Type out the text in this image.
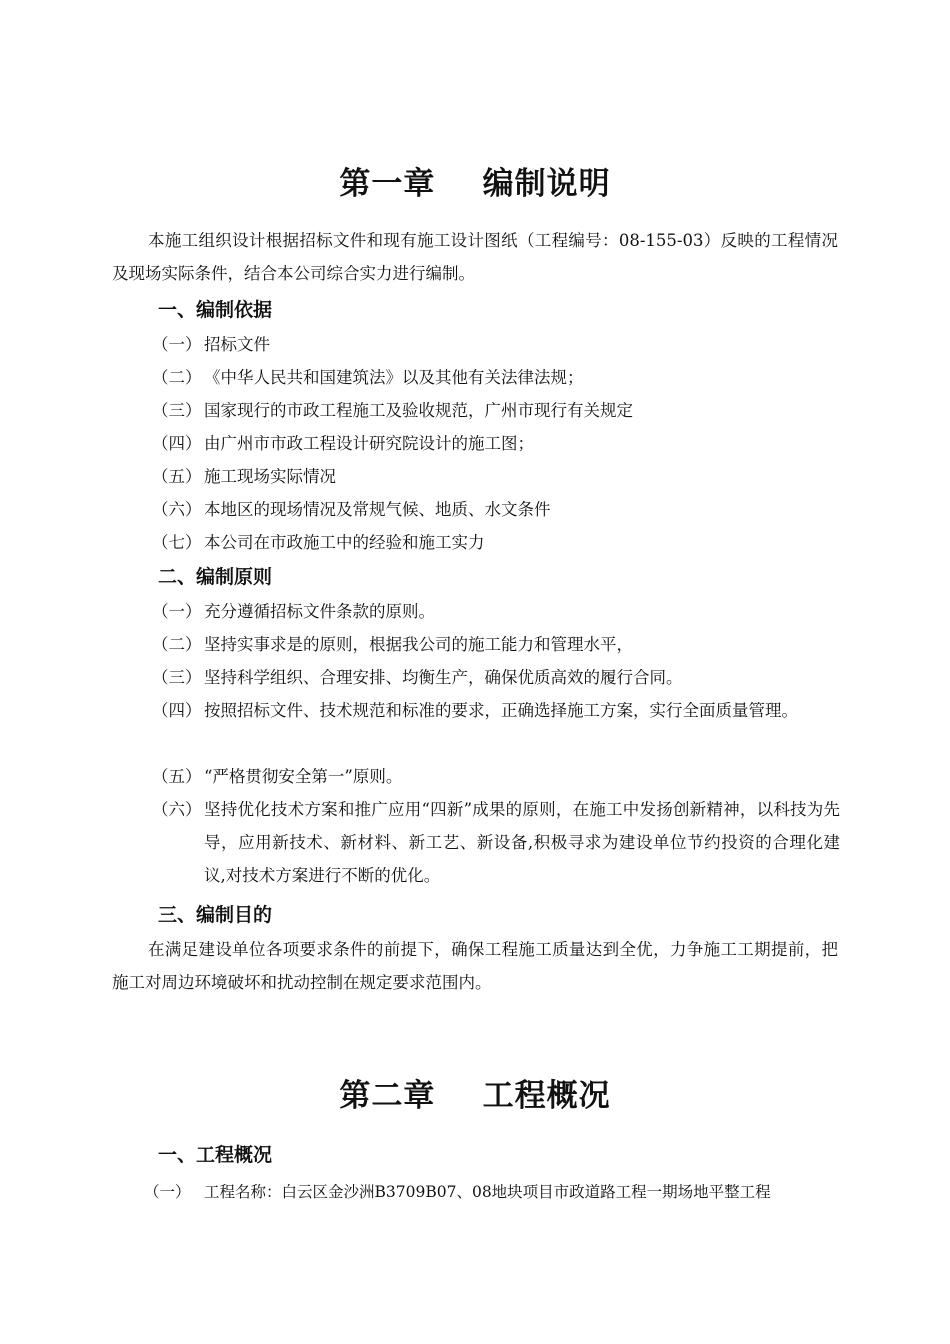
第一章    编制说明
本施工组织设计根据招标文件和现有施工设计图纸（工程编号：08-155-03）反映的工程情况及现场实际条件，结合本公司综合实力进行编制。
一、编制依据
（一） 招标文件
（二） 《中华人民共和国建筑法》以及其他有关法律法规；
（三） 国家现行的市政工程施工及验收规范，广州市现行有关规定
（四） 由广州市市政工程设计研究院设计的施工图；
（五） 施工现场实际情况
（六） 本地区的现场情况及常规气候、地质、水文条件
（七） 本公司在市政施工中的经验和施工实力
二、编制原则
（一） 充分遵循招标文件条款的原则。
（二） 坚持实事求是的原则，根据我公司的施工能力和管理水平，
（三） 坚持科学组织、合理安排、均衡生产，确保优质高效的履行合同。
（四） 按照招标文件、技术规范和标准的要求，正确选择施工方案，实行全面质量管理。
（五） “严格贯彻安全第一”原则。
（六） 坚持优化技术方案和推广应用“四新”成果的原则，在施工中发扬创新精神，以科技为先导，应用新技术、新材料、新工艺、新设备,积极寻求为建设单位节约投资的合理化建议,对技术方案进行不断的优化。
三、编制目的
在满足建设单位各项要求条件的前提下，确保工程施工质量达到全优，力争施工工期提前，把施工对周边环境破坏和扰动控制在规定要求范围内。
第二章    工程概况
一、工程概况
（一） 工程名称：白云区金沙洲B3709B07、08地块项目市政道路工程一期场地平整工程
